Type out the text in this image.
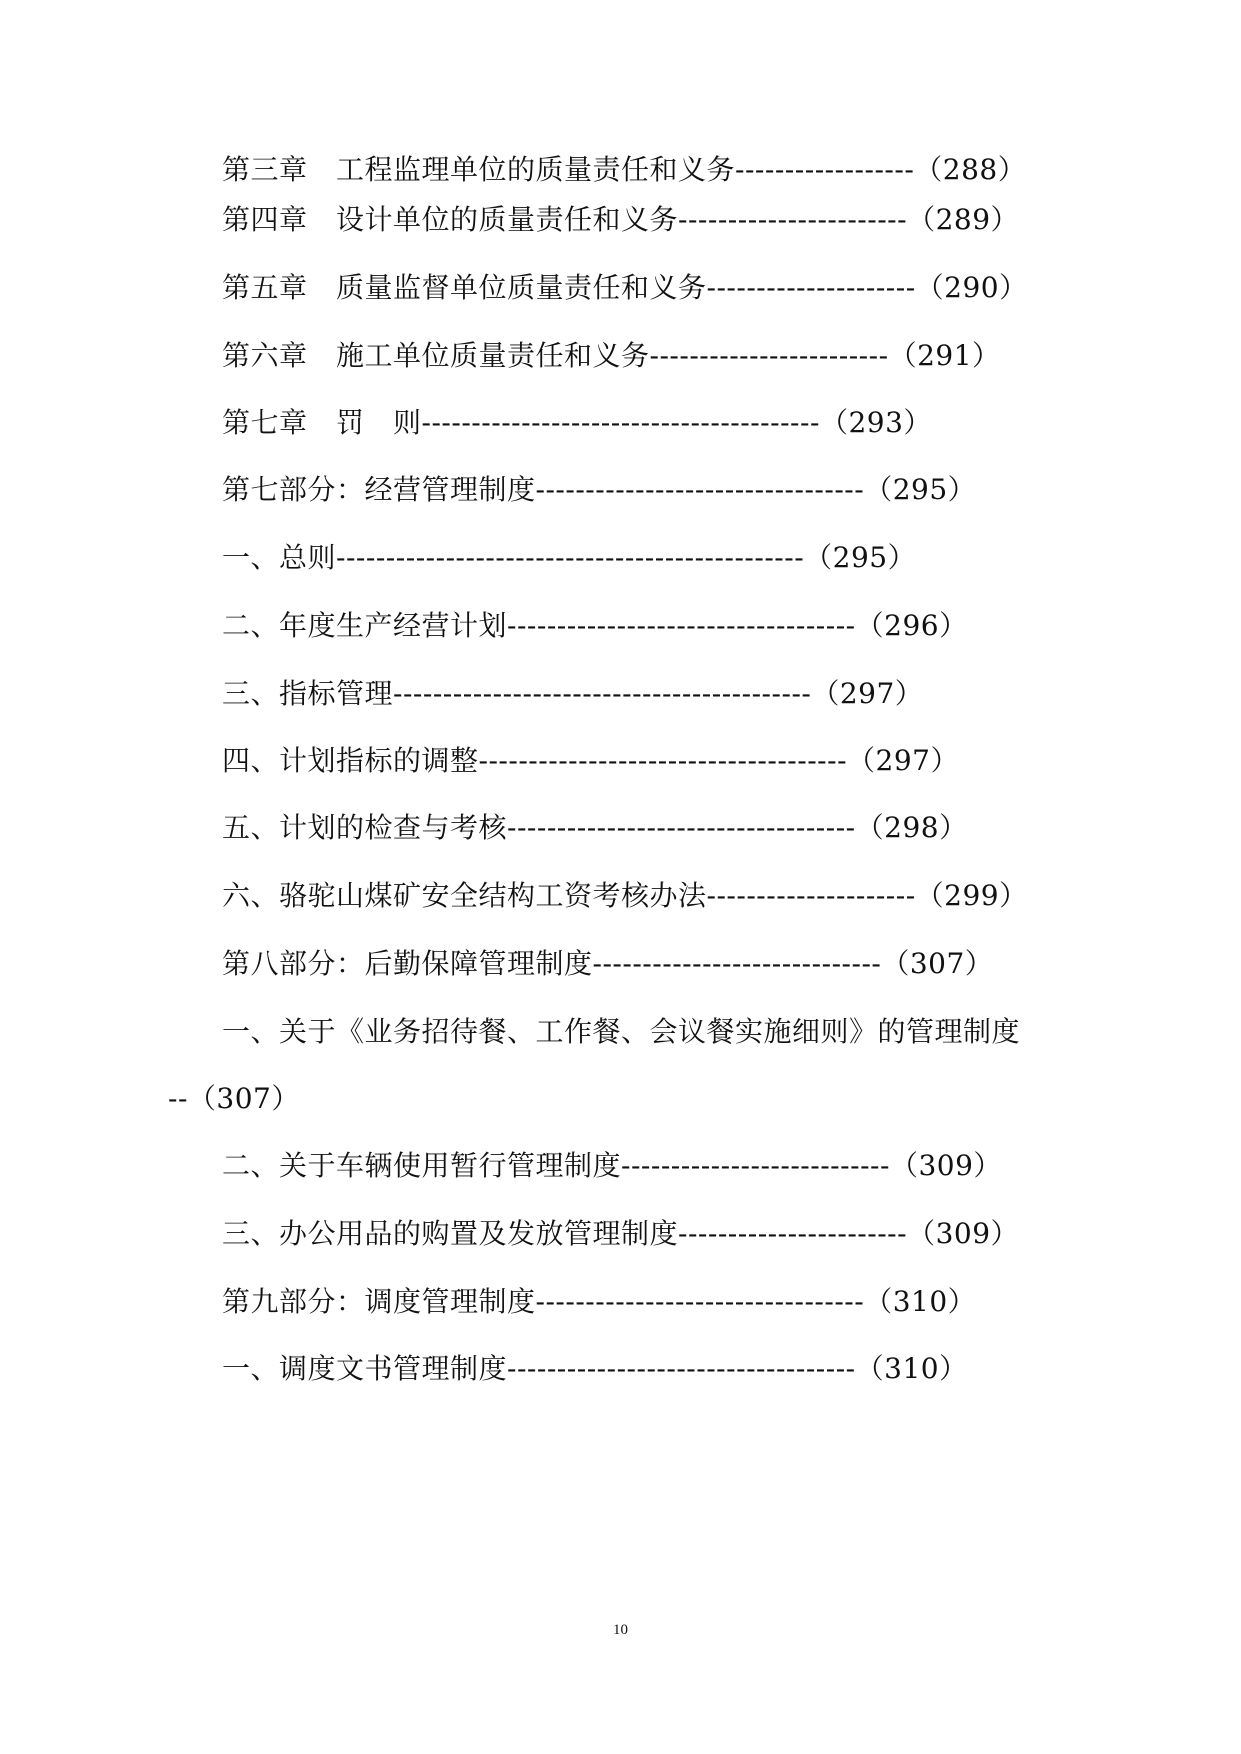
第三章　工程监理单位的质量责任和义务------------------（288）
第四章　设计单位的质量责任和义务-----------------------（289）
第五章　质量监督单位质量责任和义务---------------------（290）
第六章　施工单位质量责任和义务------------------------（291）
第七章　罚　则----------------------------------------（293）
第七部分：经营管理制度---------------------------------（295）
一、总则-----------------------------------------------（295）
二、年度生产经营计划-----------------------------------（296）
三、指标管理------------------------------------------（297）
四、计划指标的调整-------------------------------------（297）
五、计划的检查与考核-----------------------------------（298）
六、骆驼山煤矿安全结构工资考核办法---------------------（299）
第八部分：后勤保障管理制度-----------------------------（307）
一、关于《业务招待餐、工作餐、会议餐实施细则》的管理制度
--（307）
二、关于车辆使用暂行管理制度---------------------------（309）
三、办公用品的购置及发放管理制度-----------------------（309）
第九部分：调度管理制度---------------------------------（310）
一、调度文书管理制度-----------------------------------（310）
10
